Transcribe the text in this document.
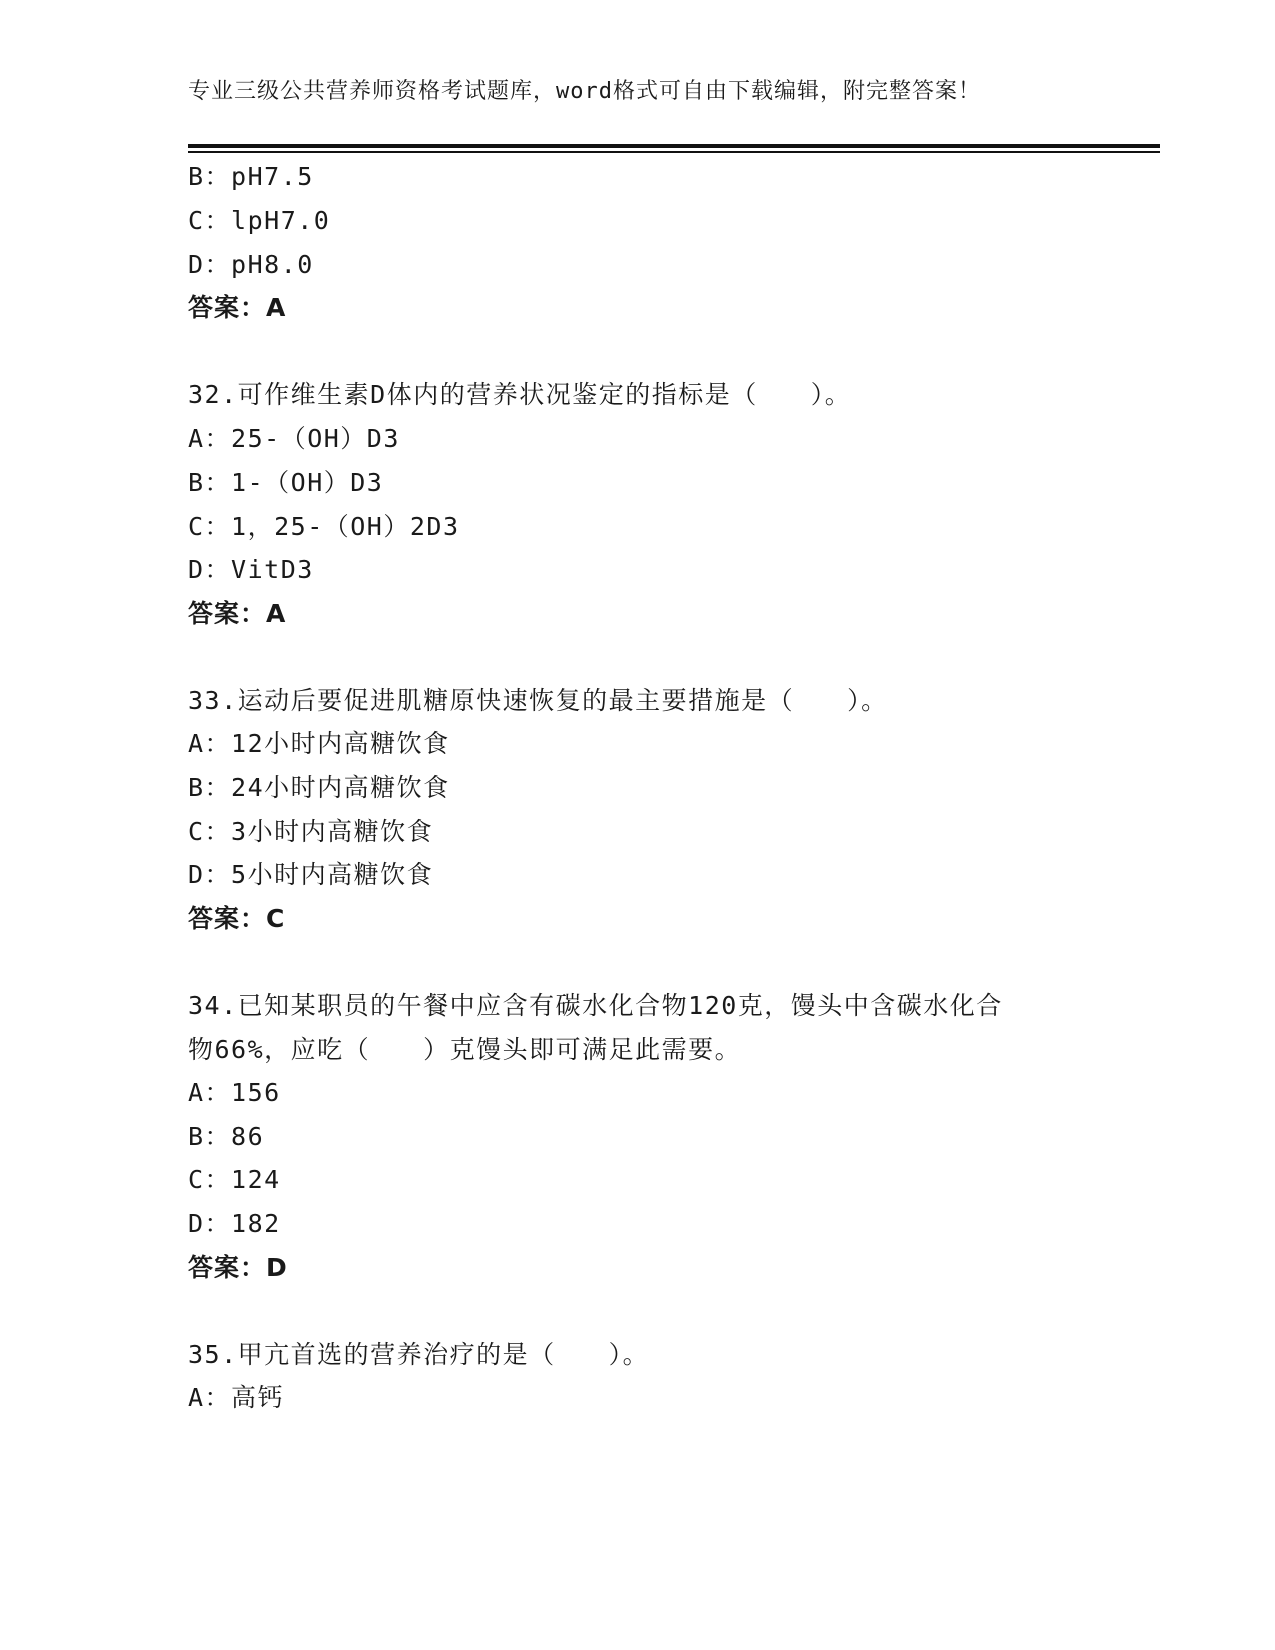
专业三级公共营养师资格考试题库，word格式可自由下载编辑，附完整答案！
B：pH7.5
C：lpH7.0
D：pH8.0
答案：A
32.可作维生素D体内的营养状况鉴定的指标是（　　）。
A：25-（OH）D3
B：1-（OH）D3
C：1，25-（OH）2D3
D：VitD3
答案：A
33.运动后要促进肌糖原快速恢复的最主要措施是（　　）。
A：12小时内高糖饮食
B：24小时内高糖饮食
C：3小时内高糖饮食
D：5小时内高糖饮食
答案：C
34.已知某职员的午餐中应含有碳水化合物120克，馒头中含碳水化合
物66%，应吃（　　）克馒头即可满足此需要。
A：156
B：86
C：124
D：182
答案：D
35.甲亢首选的营养治疗的是（　　）。
A：高钙
